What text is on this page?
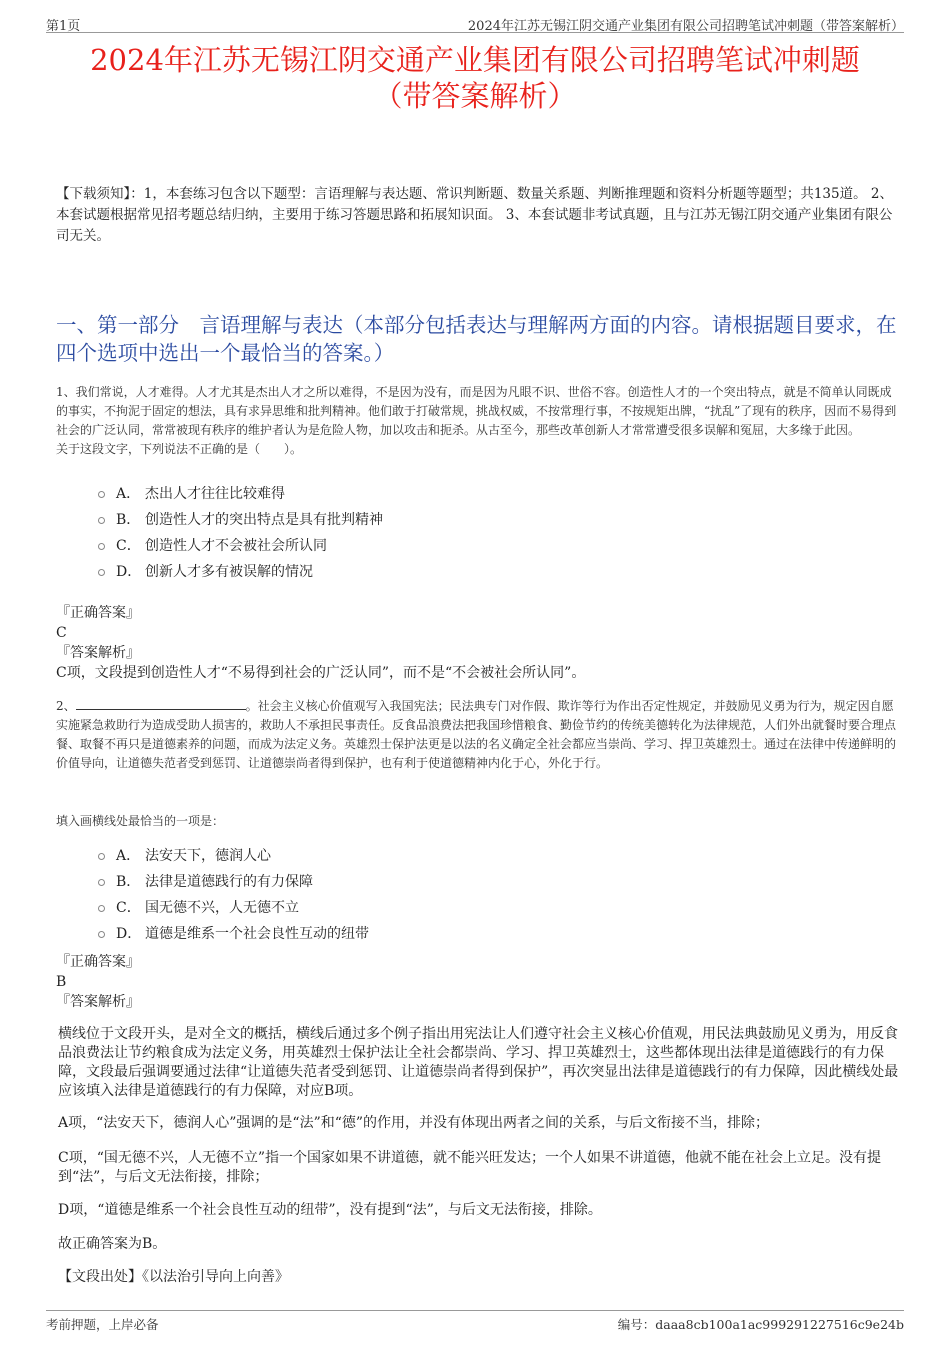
第1页	2024年江苏无锡江阴交通产业集团有限公司招聘笔试冲刺题（带答案解析）
2024年江苏无锡江阴交通产业集团有限公司招聘笔试冲刺题
（带答案解析）
【下载须知】：1，本套练习包含以下题型：言语理解与表达题、常识判断题、数量关系题、判断推理题和资料分析题等题型；共135道。 2、本套试题根据常见招考题总结归纳，主要用于练习答题思路和拓展知识面。 3、本套试题非考试真题，且与江苏无锡江阴交通产业集团有限公司无关。
一、第一部分　言语理解与表达（本部分包括表达与理解两方面的内容。请根据题目要求，在四个选项中选出一个最恰当的答案。）
1、我们常说，人才难得。人才尤其是杰出人才之所以难得，不是因为没有，而是因为凡眼不识、世俗不容。创造性人才的一个突出特点，就是不简单认同既成的事实，不拘泥于固定的想法，具有求异思维和批判精神。他们敢于打破常规，挑战权威，不按常理行事，不按规矩出牌，“扰乱”了现有的秩序，因而不易得到社会的广泛认同，常常被现有秩序的维护者认为是危险人物，加以攻击和扼杀。从古至今，那些改革创新人才常常遭受很多误解和冤屈，大多缘于此因。
关于这段文字，下列说法不正确的是（　　）。
A． 杰出人才往往比较难得
B． 创造性人才的突出特点是具有批判精神
C． 创造性人才不会被社会所认同
D． 创新人才多有被误解的情况
『正确答案』
C
『答案解析』
C项，文段提到创造性人才“不易得到社会的广泛认同”，而不是“不会被社会所认同”。
2、	。社会主义核心价值观写入我国宪法；民法典专门对作假、欺诈等行为作出否定性规定，并鼓励见义勇为行为，规定因自愿实施紧急救助行为造成受助人损害的，救助人不承担民事责任。反食品浪费法把我国珍惜粮食、勤俭节约的传统美德转化为法律规范，人们外出就餐时要合理点餐、取餐不再只是道德素养的问题，而成为法定义务。英雄烈士保护法更是以法的名义确定全社会都应当崇尚、学习、捍卫英雄烈士。通过在法律中传递鲜明的价值导向，让道德失范者受到惩罚、让道德崇尚者得到保护，也有利于使道德精神内化于心，外化于行。
填入画横线处最恰当的一项是：
A． 法安天下，德润人心
B． 法律是道德践行的有力保障
C． 国无德不兴，人无德不立
D． 道德是维系一个社会良性互动的纽带
『正确答案』
B
『答案解析』
横线位于文段开头，是对全文的概括，横线后通过多个例子指出用宪法让人们遵守社会主义核心价值观，用民法典鼓励见义勇为，用反食品浪费法让节约粮食成为法定义务，用英雄烈士保护法让全社会都崇尚、学习、捍卫英雄烈士，这些都体现出法律是道德践行的有力保障，文段最后强调要通过法律“让道德失范者受到惩罚、让道德崇尚者得到保护”，再次突显出法律是道德践行的有力保障，因此横线处最应该填入法律是道德践行的有力保障，对应B项。
A项，“法安天下，德润人心”强调的是“法”和“德”的作用，并没有体现出两者之间的关系，与后文衔接不当，排除；
C项，“国无德不兴，人无德不立”指一个国家如果不讲道德，就不能兴旺发达；一个人如果不讲道德，他就不能在社会上立足。没有提到“法”，与后文无法衔接，排除；
D项，“道德是维系一个社会良性互动的纽带”，没有提到“法”，与后文无法衔接，排除。
故正确答案为B。
【文段出处】《以法治引导向上向善》
考前押题，上岸必备	编号：daaa8cb100a1ac999291227516c9e24b
